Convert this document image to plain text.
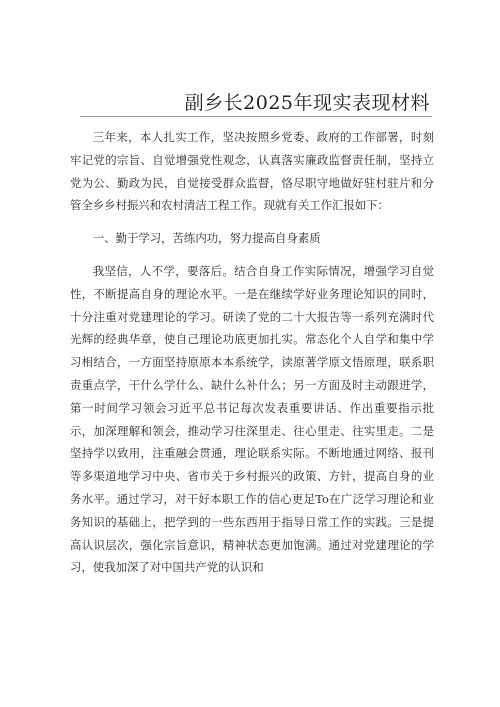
副乡长2025年现实表现材料

三年来，本人扎实工作，坚决按照乡党委、政府的工作部署，时刻牢记党的宗旨、自觉增强党性观念，认真落实廉政监督责任制，坚持立党为公、勤政为民，自觉接受群众监督，恪尽职守地做好驻村驻片和分管全乡乡村振兴和农村清洁工程工作。现就有关工作汇报如下：

一、勤于学习，苦练内功，努力提高自身素质

我坚信，人不学，要落后。结合自身工作实际情况，增强学习自觉性，不断提高自身的理论水平。一是在继续学好业务理论知识的同时，十分注重对党建理论的学习。研读了党的二十大报告等一系列充满时代光辉的经典华章，使自己理论功底更加扎实。常态化个人自学和集中学习相结合，一方面坚持原原本本系统学，读原著学原文悟原理，联系职责重点学，干什么学什么、缺什么补什么；另一方面及时主动跟进学，第一时间学习领会习近平总书记每次发表重要讲话、作出重要指示批示，加深理解和领会，推动学习往深里走、往心里走、往实里走。二是坚持学以致用，注重融会贯通，理论联系实际。不断地通过网络、报刊等多渠道地学习中央、省市关于乡村振兴的政策、方针，提高自身的业务水平。通过学习，对干好本职工作的信心更足To在广泛学习理论和业务知识的基础上，把学到的一些东西用于指导日常工作的实践。三是提高认识层次，强化宗旨意识，精神状态更加饱满。通过对党建理论的学习，使我加深了对中国共产党的认识和
